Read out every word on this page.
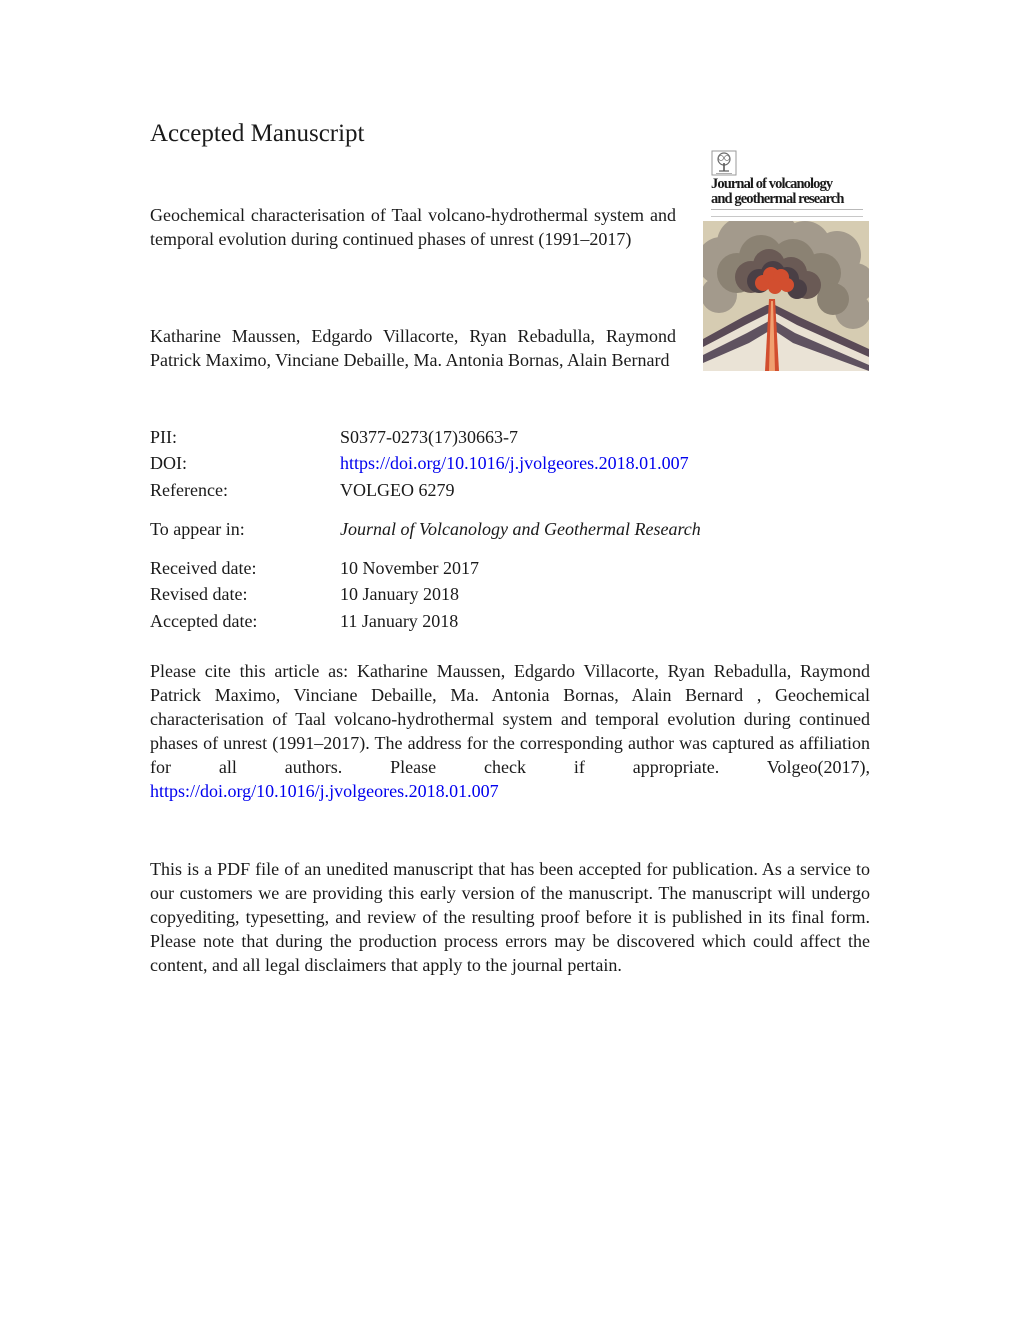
Accepted Manuscript
Journal of volcanology
and geothermal research
Geochemical characterisation of Taal volcano-hydrothermal system and temporal evolution during continued phases of unrest (1991–2017)
Katharine Maussen, Edgardo Villacorte, Ryan Rebadulla, Raymond Patrick Maximo, Vinciane Debaille, Ma. Antonia Bornas, Alain Bernard
PII:	S0377-0273(17)30663-7
DOI:	https://doi.org/10.1016/j.jvolgeores.2018.01.007
Reference:	VOLGEO 6279
To appear in:	Journal of Volcanology and Geothermal Research
Received date:	10 November 2017
Revised date:	10 January 2018
Accepted date:	11 January 2018
Please cite this article as: Katharine Maussen, Edgardo Villacorte, Ryan Rebadulla, Raymond Patrick Maximo, Vinciane Debaille, Ma. Antonia Bornas, Alain Bernard , Geochemical characterisation of Taal volcano-hydrothermal system and temporal evolution during continued phases of unrest (1991–2017). The address for the corresponding author was captured as affiliation for all authors. Please check if appropriate. Volgeo(2017), https://doi.org/10.1016/j.jvolgeores.2018.01.007
This is a PDF file of an unedited manuscript that has been accepted for publication. As a service to our customers we are providing this early version of the manuscript. The manuscript will undergo copyediting, typesetting, and review of the resulting proof before it is published in its final form. Please note that during the production process errors may be discovered which could affect the content, and all legal disclaimers that apply to the journal pertain.
